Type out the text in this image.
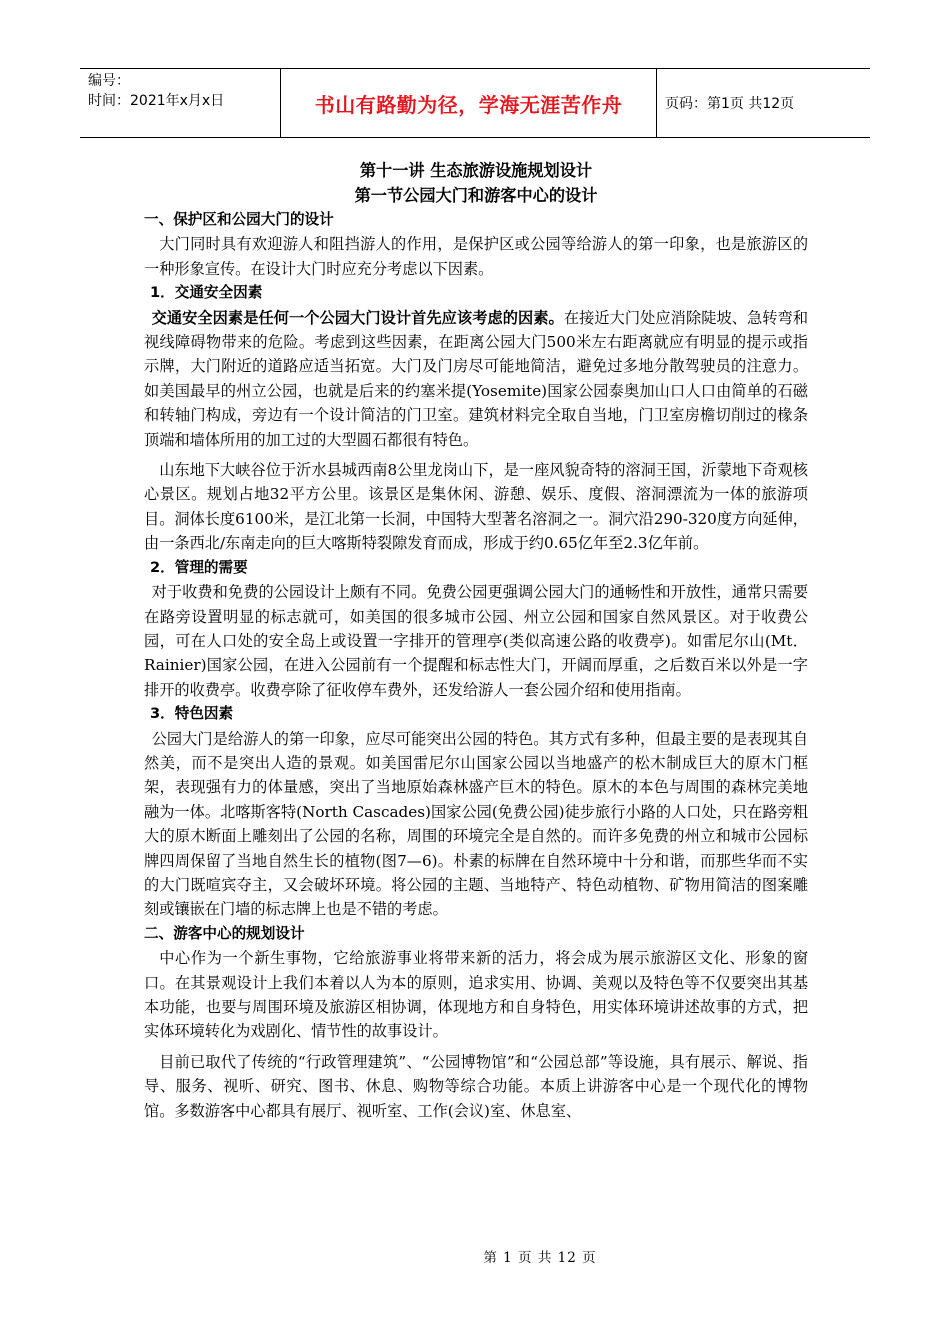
编号：
时间：2021年x月x日	书山有路勤为径，学海无涯苦作舟	页码：第1页 共12页
第十一讲 生态旅游设施规划设计
第一节公园大门和游客中心的设计
一、保护区和公园大门的设计

大门同时具有欢迎游人和阻挡游人的作用，是保护区或公园等给游人的第一印象，也是旅游区的一种形象宣传。在设计大门时应充分考虑以下因素。

1．交通安全因素

交通安全因素是任何一个公园大门设计首先应该考虑的因素。在接近大门处应消除陡坡、急转弯和视线障碍物带来的危险。考虑到这些因素，在距离公园大门500米左右距离就应有明显的提示或指示牌，大门附近的道路应适当拓宽。大门及门房尽可能地简洁，避免过多地分散驾驶员的注意力。如美国最早的州立公园，也就是后来的约塞米提(Yosemite)国家公园泰奥加山口人口由简单的石磁和转轴门构成，旁边有一个设计简洁的门卫室。建筑材料完全取自当地，门卫室房檐切削过的椽条顶端和墙体所用的加工过的大型圆石都很有特色。

山东地下大峡谷位于沂水县城西南8公里龙岗山下，是一座风貌奇特的溶洞王国，沂蒙地下奇观核心景区。规划占地32平方公里。该景区是集休闲、游憩、娱乐、度假、溶洞漂流为一体的旅游项目。洞体长度6100米，是江北第一长洞，中国特大型著名溶洞之一。洞穴沿290-320度方向延伸，由一条西北/东南走向的巨大喀斯特裂隙发育而成，形成于约0.65亿年至2.3亿年前。

2．管理的需要

对于收费和免费的公园设计上颇有不同。免费公园更强调公园大门的通畅性和开放性，通常只需要在路旁设置明显的标志就可，如美国的很多城市公园、州立公园和国家自然风景区。对于收费公园，可在人口处的安全岛上或设置一字排开的管理亭(类似高速公路的收费亭)。如雷尼尔山(Mt．Rainier)国家公园，在进入公园前有一个提醒和标志性大门，开阔而厚重，之后数百米以外是一字排开的收费亭。收费亭除了征收停车费外，还发给游人一套公园介绍和使用指南。

3．特色因素

公园大门是给游人的第一印象，应尽可能突出公园的特色。其方式有多种，但最主要的是表现其自然美，而不是突出人造的景观。如美国雷尼尔山国家公园以当地盛产的松木制成巨大的原木门框架，表现强有力的体量感，突出了当地原始森林盛产巨木的特色。原木的本色与周围的森林完美地融为一体。北喀斯客特(North Cascades)国家公园(免费公园)徒步旅行小路的人口处，只在路旁粗大的原木断面上雕刻出了公园的名称，周围的环境完全是自然的。而许多免费的州立和城市公园标牌四周保留了当地自然生长的植物(图7—6)。朴素的标牌在自然环境中十分和谐，而那些华而不实的大门既喧宾夺主，又会破坏环境。将公园的主题、当地特产、特色动植物、矿物用简洁的图案雕刻或镶嵌在门墙的标志牌上也是不错的考虑。

二、游客中心的规划设计

中心作为一个新生事物，它给旅游事业将带来新的活力，将会成为展示旅游区文化、形象的窗口。在其景观设计上我们本着以人为本的原则，追求实用、协调、美观以及特色等不仅要突出其基本功能，也要与周围环境及旅游区相协调，体现地方和自身特色，用实体环境讲述故事的方式，把实体环境转化为戏剧化、情节性的故事设计。

目前已取代了传统的“行政管理建筑”、“公园博物馆”和“公园总部”等设施，具有展示、解说、指导、服务、视听、研究、图书、休息、购物等综合功能。本质上讲游客中心是一个现代化的博物馆。多数游客中心都具有展厅、视听室、工作(会议)室、休息室、

第 1 页 共 12 页
